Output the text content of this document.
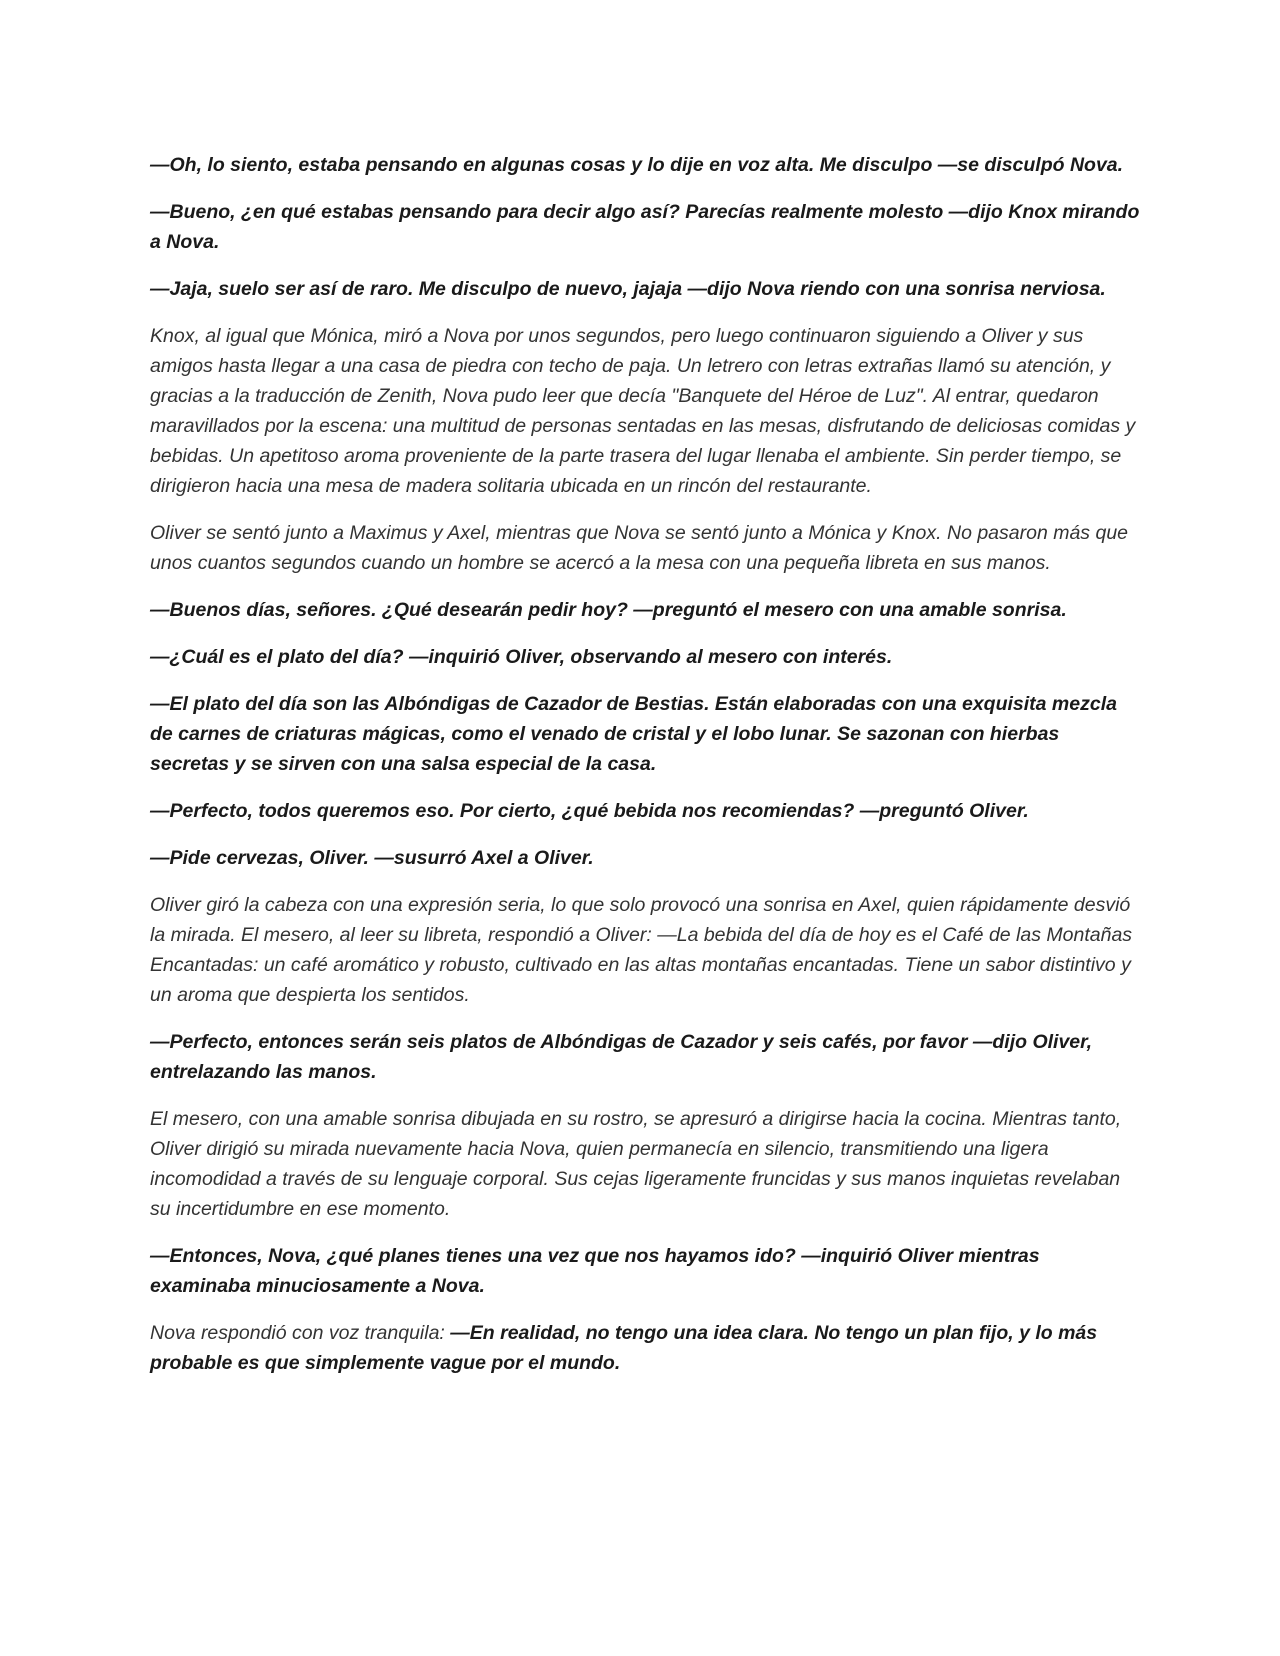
—Oh, lo siento, estaba pensando en algunas cosas y lo dije en voz alta. Me disculpo —se disculpó Nova.

—Bueno, ¿en qué estabas pensando para decir algo así? Parecías realmente molesto —dijo Knox mirando a Nova.

—Jaja, suelo ser así de raro. Me disculpo de nuevo, jajaja —dijo Nova riendo con una sonrisa nerviosa.

Knox, al igual que Mónica, miró a Nova por unos segundos, pero luego continuaron siguiendo a Oliver y sus amigos hasta llegar a una casa de piedra con techo de paja. Un letrero con letras extrañas llamó su atención, y gracias a la traducción de Zenith, Nova pudo leer que decía "Banquete del Héroe de Luz". Al entrar, quedaron maravillados por la escena: una multitud de personas sentadas en las mesas, disfrutando de deliciosas comidas y bebidas. Un apetitoso aroma proveniente de la parte trasera del lugar llenaba el ambiente. Sin perder tiempo, se dirigieron hacia una mesa de madera solitaria ubicada en un rincón del restaurante.

Oliver se sentó junto a Maximus y Axel, mientras que Nova se sentó junto a Mónica y Knox. No pasaron más que unos cuantos segundos cuando un hombre se acercó a la mesa con una pequeña libreta en sus manos.

—Buenos días, señores. ¿Qué desearán pedir hoy? —preguntó el mesero con una amable sonrisa.

—¿Cuál es el plato del día? —inquirió Oliver, observando al mesero con interés.

—El plato del día son las Albóndigas de Cazador de Bestias. Están elaboradas con una exquisita mezcla de carnes de criaturas mágicas, como el venado de cristal y el lobo lunar. Se sazonan con hierbas secretas y se sirven con una salsa especial de la casa.

—Perfecto, todos queremos eso. Por cierto, ¿qué bebida nos recomiendas? —preguntó Oliver.

—Pide cervezas, Oliver. —susurró Axel a Oliver.

Oliver giró la cabeza con una expresión seria, lo que solo provocó una sonrisa en Axel, quien rápidamente desvió la mirada. El mesero, al leer su libreta, respondió a Oliver: —La bebida del día de hoy es el Café de las Montañas Encantadas: un café aromático y robusto, cultivado en las altas montañas encantadas. Tiene un sabor distintivo y un aroma que despierta los sentidos.

—Perfecto, entonces serán seis platos de Albóndigas de Cazador y seis cafés, por favor —dijo Oliver, entrelazando las manos.

El mesero, con una amable sonrisa dibujada en su rostro, se apresuró a dirigirse hacia la cocina. Mientras tanto, Oliver dirigió su mirada nuevamente hacia Nova, quien permanecía en silencio, transmitiendo una ligera incomodidad a través de su lenguaje corporal. Sus cejas ligeramente fruncidas y sus manos inquietas revelaban su incertidumbre en ese momento.

—Entonces, Nova, ¿qué planes tienes una vez que nos hayamos ido? —inquirió Oliver mientras examinaba minuciosamente a Nova.

Nova respondió con voz tranquila: —En realidad, no tengo una idea clara. No tengo un plan fijo, y lo más probable es que simplemente vague por el mundo.
